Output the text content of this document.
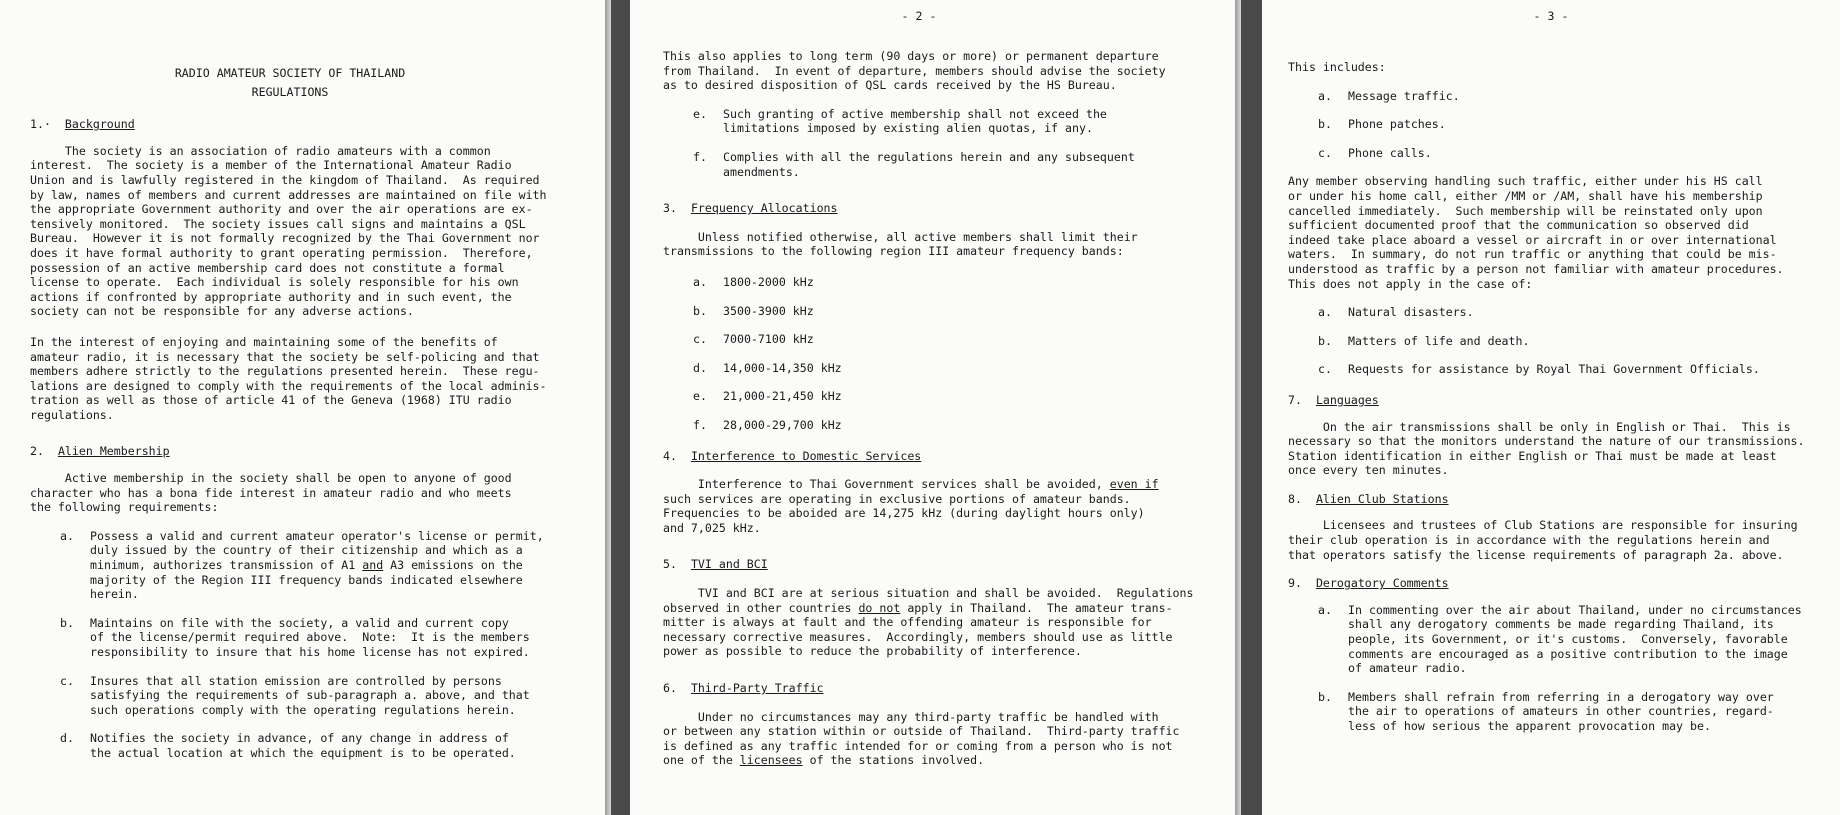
RADIO AMATEUR SOCIETY OF THAILAND

REGULATIONS

1.· Background

The society is an association of radio amateurs with a common
interest.  The society is a member of the International Amateur Radio
Union and is lawfully registered in the kingdom of Thailand.  As required
by law, names of members and current addresses are maintained on file with
the appropriate Government authority and over the air operations are ex-
tensively monitored.  The society issues call signs and maintains a QSL
Bureau.  However it is not formally recognized by the Thai Government nor
does it have formal authority to grant operating permission.  Therefore,
possession of an active membership card does not constitute a formal
license to operate.  Each individual is solely responsible for his own
actions if confronted by appropriate authority and in such event, the
society can not be responsible for any adverse actions.

In the interest of enjoying and maintaining some of the benefits of
amateur radio, it is necessary that the society be self-policing and that
members adhere strictly to the regulations presented herein.  These regu-
lations are designed to comply with the requirements of the local adminis-
tration as well as those of article 41 of the Geneva (1968) ITU radio
regulations.

2. Alien Membership

Active membership in the society shall be open to anyone of good
character who has a bona fide interest in amateur radio and who meets
the following requirements:

a.	Possess a valid and current amateur operator's license or permit,
duly issued by the country of their citizenship and which as a
minimum, authorizes transmission of A1 and A3 emissions on the
majority of the Region III frequency bands indicated elsewhere
herein.
b.	Maintains on file with the society, a valid and current copy
of the license/permit required above.  Note:  It is the members
responsibility to insure that his home license has not expired.
c.	Insures that all station emission are controlled by persons
satisfying the requirements of sub-paragraph a. above, and that
such operations comply with the operating regulations herein.
d.	Notifies the society in advance, of any change in address of
the actual location at which the equipment is to be operated.

- 2 -

This also applies to long term (90 days or more) or permanent departure
from Thailand.  In event of departure, members should advise the society
as to desired disposition of QSL cards received by the HS Bureau.

e.	Such granting of active membership shall not exceed the
limitations imposed by existing alien quotas, if any.
f.	Complies with all the regulations herein and any subsequent
amendments.

3. Frequency Allocations

Unless notified otherwise, all active members shall limit their
transmissions to the following region III amateur frequency bands:

a.	1800-2000 kHz
b.	3500-3900 kHz
c.	7000-7100 kHz
d.	14,000-14,350 kHz
e.	21,000-21,450 kHz
f.	28,000-29,700 kHz

4. Interference to Domestic Services

Interference to Thai Government services shall be avoided, even if
such services are operating in exclusive portions of amateur bands.
Frequencies to be aboided are 14,275 kHz (during daylight hours only)
and 7,025 kHz.

5. TVI and BCI

TVI and BCI are at serious situation and shall be avoided.  Regulations
observed in other countries do not apply in Thailand.  The amateur trans-
mitter is always at fault and the offending amateur is responsible for
necessary corrective measures.  Accordingly, members should use as little
power as possible to reduce the probability of interference.

6. Third-Party Traffic

Under no circumstances may any third-party traffic be handled with
or between any station within or outside of Thailand.  Third-party traffic
is defined as any traffic intended for or coming from a person who is not
one of the licensees of the stations involved.

- 3 -

This includes:

a.	Message traffic.
b.	Phone patches.
c.	Phone calls.

Any member observing handling such traffic, either under his HS call
or under his home call, either /MM or /AM, shall have his membership
cancelled immediately.  Such membership will be reinstated only upon
sufficient documented proof that the communication so observed did
indeed take place aboard a vessel or aircraft in or over international
waters.  In summary, do not run traffic or anything that could be mis-
understood as traffic by a person not familiar with amateur procedures.
This does not apply in the case of:

a.	Natural disasters.
b.	Matters of life and death.
c.	Requests for assistance by Royal Thai Government Officials.

7. Languages

On the air transmissions shall be only in English or Thai.  This is
necessary so that the monitors understand the nature of our transmissions.
Station identification in either English or Thai must be made at least
once every ten minutes.

8. Alien Club Stations

Licensees and trustees of Club Stations are responsible for insuring
their club operation is in accordance with the regulations herein and
that operators satisfy the license requirements of paragraph 2a. above.

9. Derogatory Comments

a.	In commenting over the air about Thailand, under no circumstances
shall any derogatory comments be made regarding Thailand, its
people, its Government, or it's customs.  Conversely, favorable
comments are encouraged as a positive contribution to the image
of amateur radio.
b.	Members shall refrain from referring in a derogatory way over
the air to operations of amateurs in other countries, regard-
less of how serious the apparent provocation may be.
